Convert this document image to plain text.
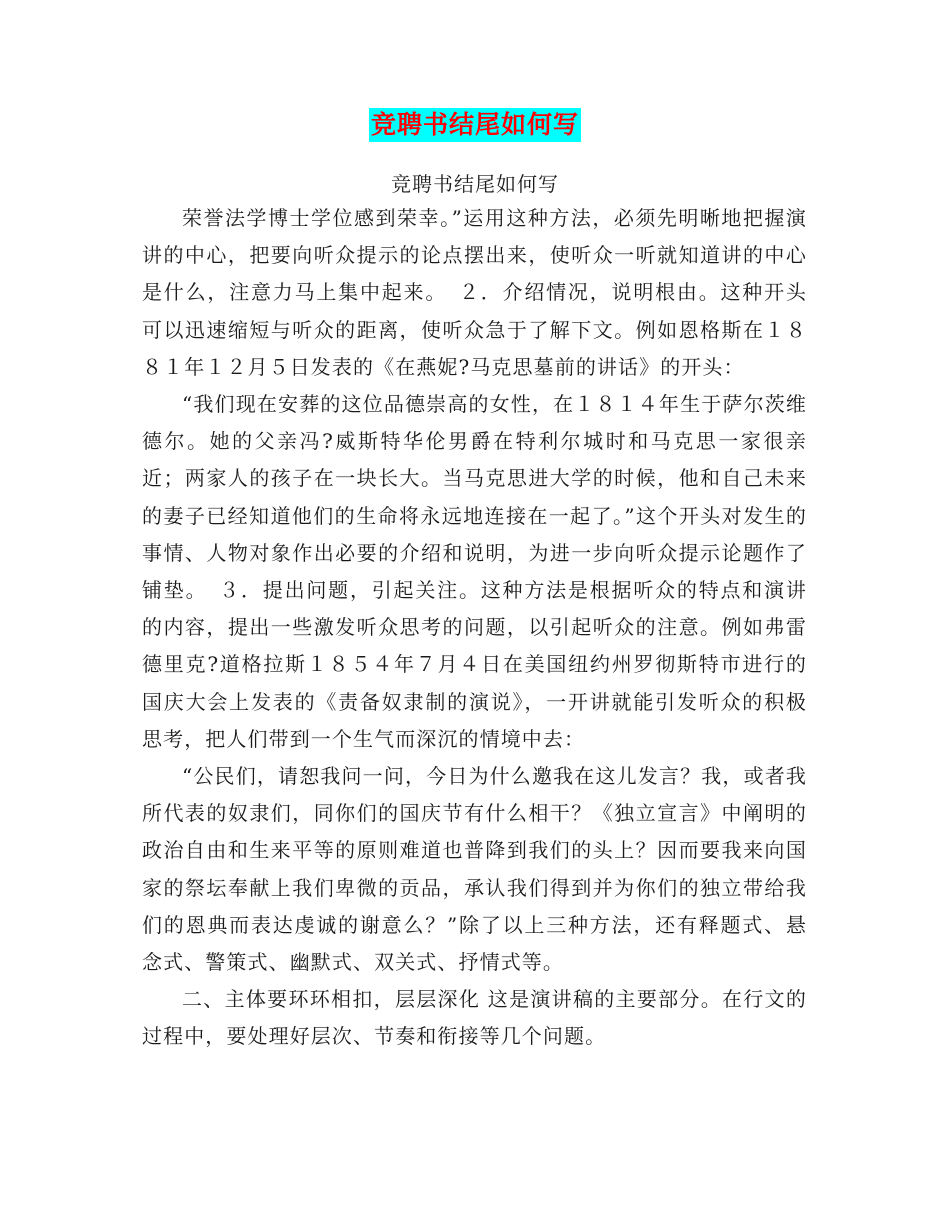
竞聘书结尾如何写
竞聘书结尾如何写

荣誉法学博士学位感到荣幸。”运用这种方法，必须先明晰地把握演讲的中心，把要向听众提示的论点摆出来，使听众一听就知道讲的中心是什么，注意力马上集中起来。　２．介绍情况，说明根由。这种开头可以迅速缩短与听众的距离，使听众急于了解下文。例如恩格斯在１８８１年１２月５日发表的《在燕妮?马克思墓前的讲话》的开头：

“我们现在安葬的这位品德崇高的女性，在１８１４年生于萨尔茨维德尔。她的父亲冯?威斯特华伦男爵在特利尔城时和马克思一家很亲近；两家人的孩子在一块长大。当马克思进大学的时候，他和自己未来的妻子已经知道他们的生命将永远地连接在一起了。”这个开头对发生的事情、人物对象作出必要的介绍和说明，为进一步向听众提示论题作了铺垫。　３．提出问题，引起关注。这种方法是根据听众的特点和演讲的内容，提出一些激发听众思考的问题，以引起听众的注意。例如弗雷德里克?道格拉斯１８５４年７月４日在美国纽约州罗彻斯特市进行的国庆大会上发表的《责备奴隶制的演说》，一开讲就能引发听众的积极思考，把人们带到一个生气而深沉的情境中去：

“公民们，请恕我问一问，今日为什么邀我在这儿发言？我，或者我所代表的奴隶们，同你们的国庆节有什么相干？《独立宣言》中阐明的政治自由和生来平等的原则难道也普降到我们的头上？因而要我来向国家的祭坛奉献上我们卑微的贡品，承认我们得到并为你们的独立带给我们的恩典而表达虔诚的谢意么？”除了以上三种方法，还有释题式、悬念式、警策式、幽默式、双关式、抒情式等。

二、主体要环环相扣，层层深化 这是演讲稿的主要部分。在行文的过程中，要处理好层次、节奏和衔接等几个问题。
